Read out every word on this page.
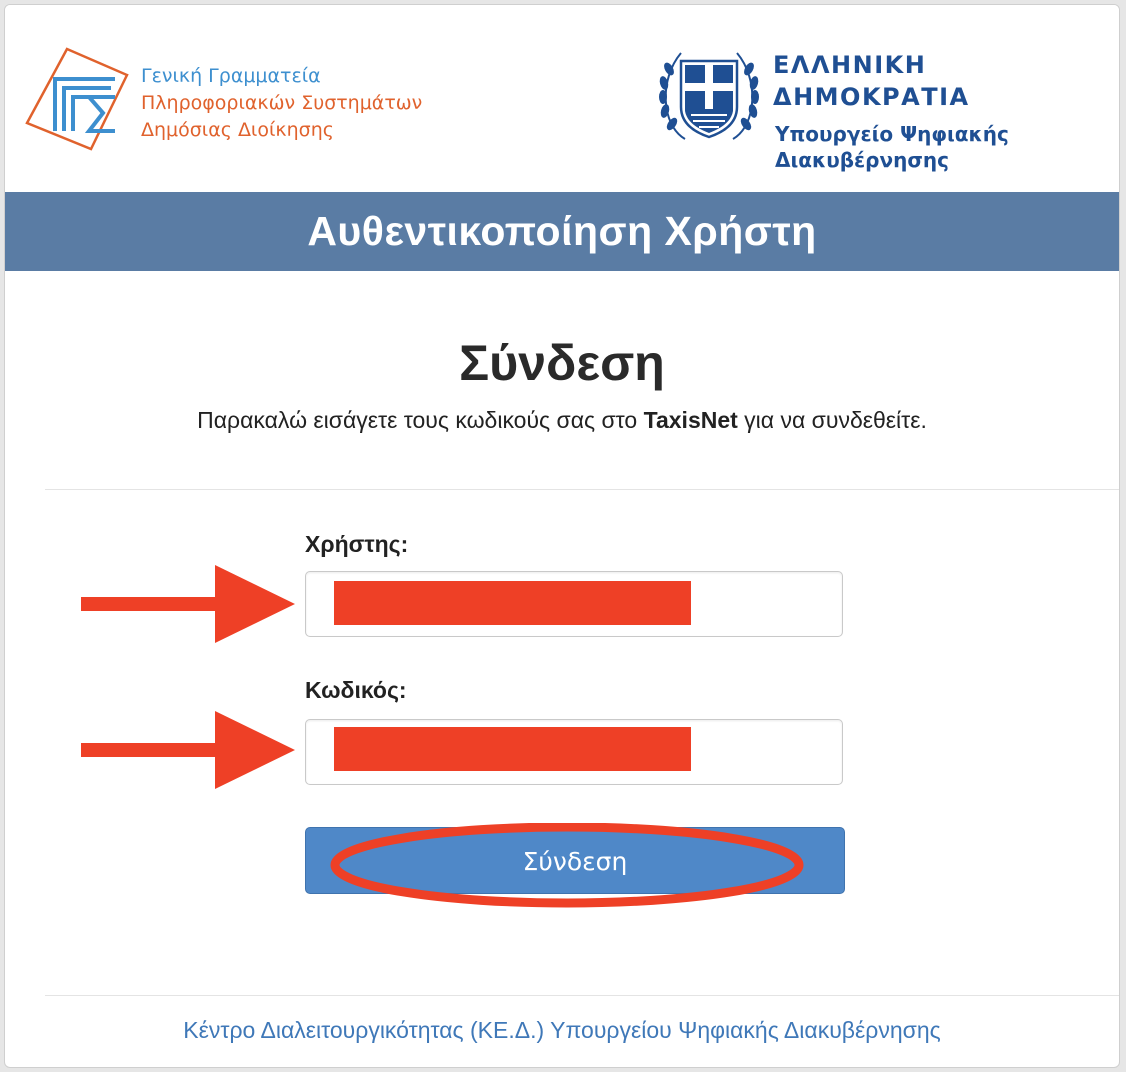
Γενική Γραμματεία
Πληροφοριακών Συστημάτων
Δημόσιας Διοίκησης
ΕΛΛΗΝΙΚΗ ΔΗΜΟΚΡΑΤΙΑ
Υπουργείο Ψηφιακής
Διακυβέρνησης
Αυθεντικοποίηση Χρήστη
Σύνδεση
Παρακαλώ εισάγετε τους κωδικούς σας στο TaxisNet για να συνδεθείτε.
Χρήστης:
Κωδικός:
Σύνδεση
Κέντρο Διαλειτουργικότητας (ΚΕ.Δ.) Υπουργείου Ψηφιακής Διακυβέρνησης
